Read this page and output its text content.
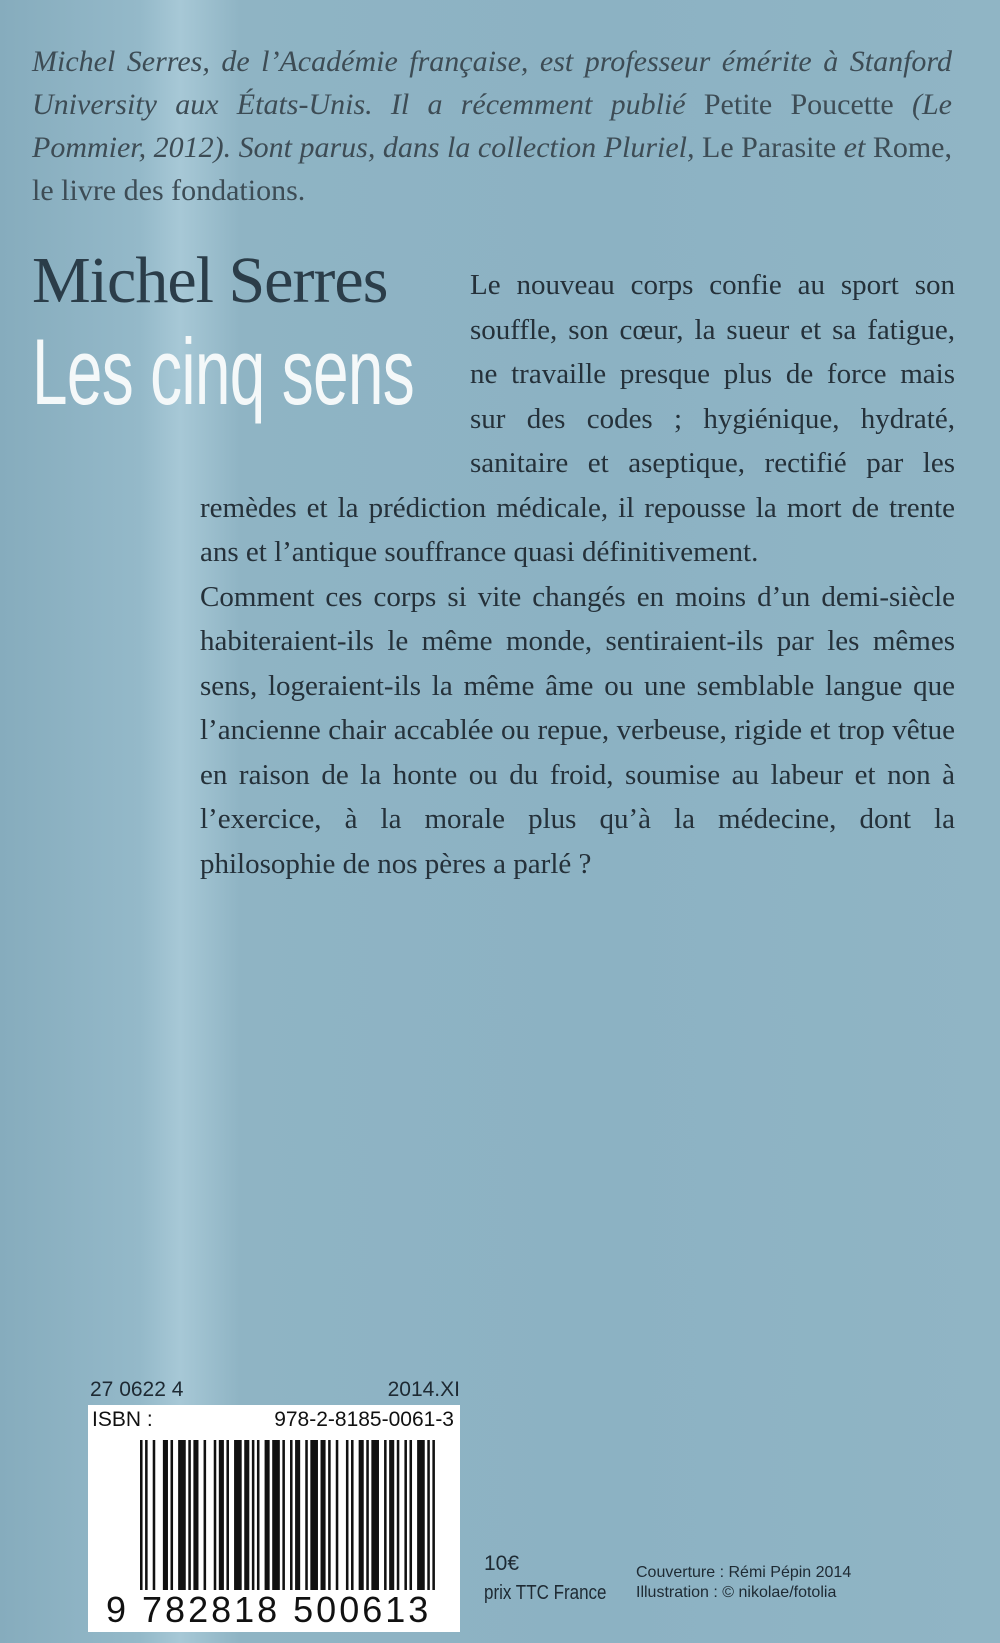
Michel Serres, de l’Académie française, est professeur émérite à Stanford University aux États-Unis. Il a récemment publié Petite Poucette (Le Pommier, 2012). Sont parus, dans la collection Pluriel, Le Parasite et Rome, le livre des fondations.
Michel Serres
Les cinq sens

Le nouveau corps confie au sport son souffle, son cœur, la sueur et sa fatigue, ne travaille presque plus de force mais sur des codes ; hygiénique, hydraté, sanitaire et aseptique, rectifié par les remèdes et la prédiction médicale, il repousse la mort de trente ans et l’antique souffrance quasi définitivement.

Comment ces corps si vite changés en moins d’un demi-siècle habiteraient-ils le même monde, sentiraient-ils par les mêmes sens, logeraient-ils la même âme ou une semblable langue que l’ancienne chair accablée ou repue, verbeuse, rigide et trop vêtue en raison de la honte ou du froid, soumise au labeur et non à l’exercice, à la morale plus qu’à la médecine, dont la philosophie de nos pères a parlé ?

27 0622 4	2014.XI
ISBN :	978-2-8185-0061-3
9 782818 500613
10€
prix TTC France
Couverture : Rémi Pépin 2014
Illustration : © nikolae/fotolia
